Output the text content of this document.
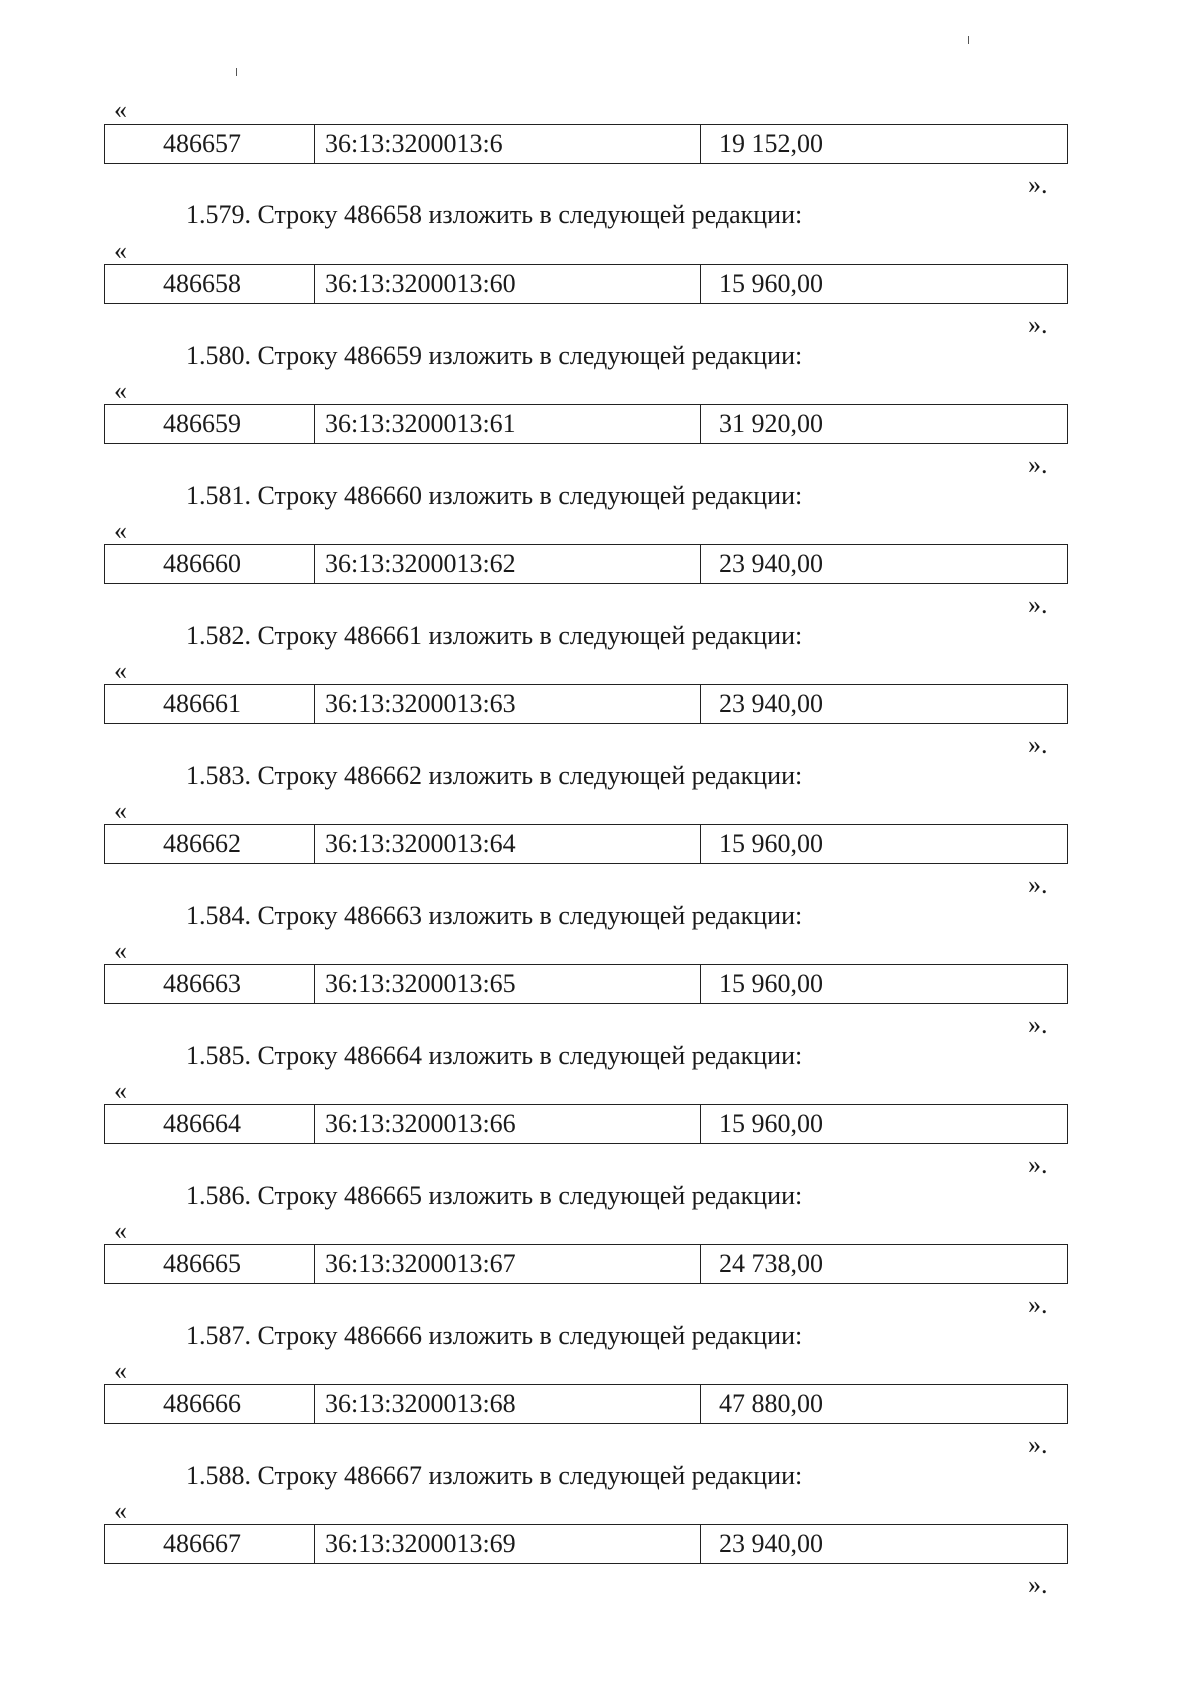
«
486657	36:13:3200013:6	19 152,00
».
1.579. Строку 486658 изложить в следующей редакции:
«
486658	36:13:3200013:60	15 960,00
».
1.580. Строку 486659 изложить в следующей редакции:
«
486659	36:13:3200013:61	31 920,00
».
1.581. Строку 486660 изложить в следующей редакции:
«
486660	36:13:3200013:62	23 940,00
».
1.582. Строку 486661 изложить в следующей редакции:
«
486661	36:13:3200013:63	23 940,00
».
1.583. Строку 486662 изложить в следующей редакции:
«
486662	36:13:3200013:64	15 960,00
».
1.584. Строку 486663 изложить в следующей редакции:
«
486663	36:13:3200013:65	15 960,00
».
1.585. Строку 486664 изложить в следующей редакции:
«
486664	36:13:3200013:66	15 960,00
».
1.586. Строку 486665 изложить в следующей редакции:
«
486665	36:13:3200013:67	24 738,00
».
1.587. Строку 486666 изложить в следующей редакции:
«
486666	36:13:3200013:68	47 880,00
».
1.588. Строку 486667 изложить в следующей редакции:
«
486667	36:13:3200013:69	23 940,00
».
